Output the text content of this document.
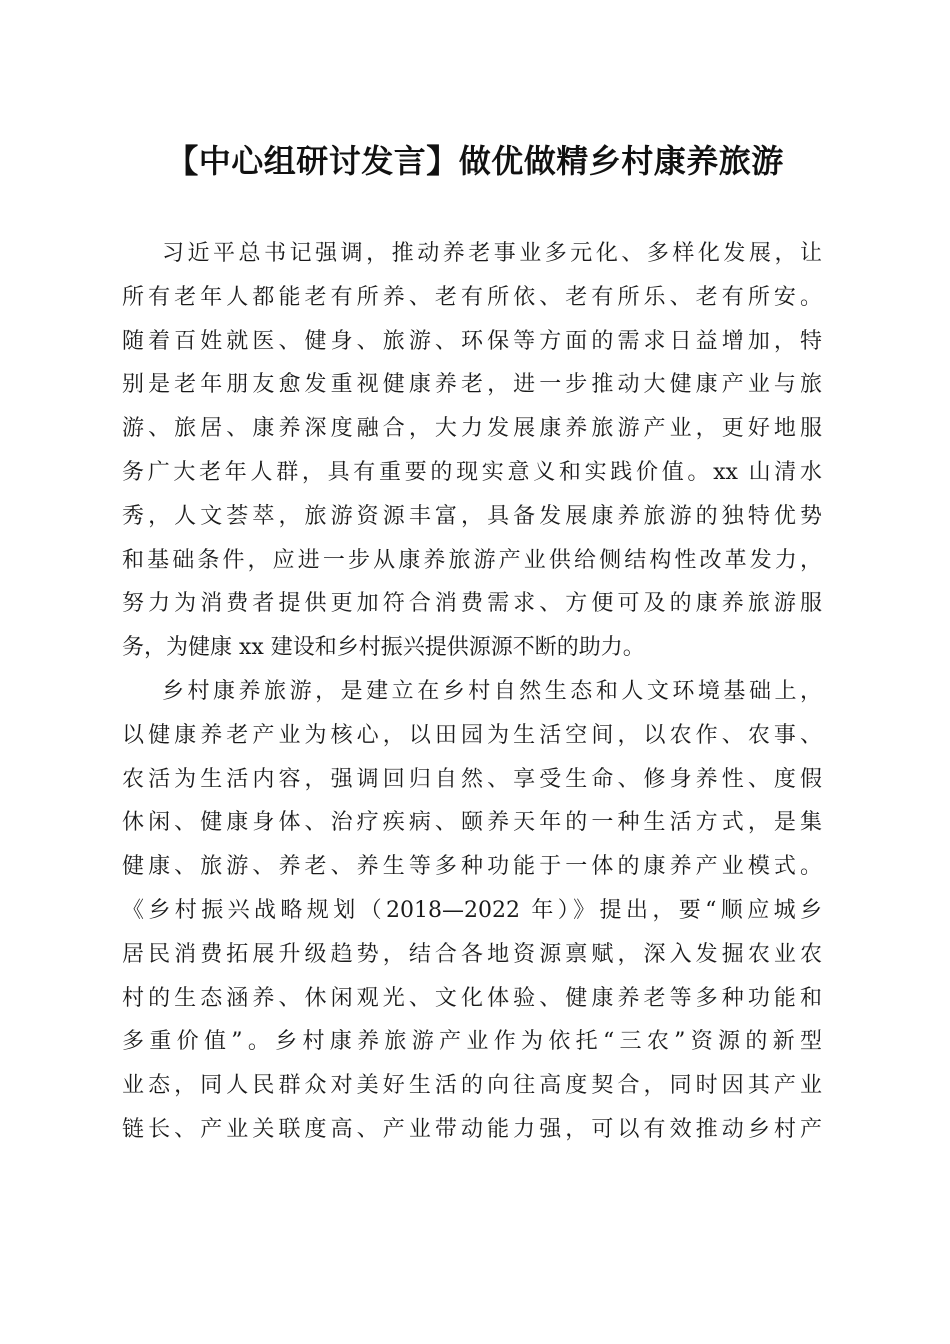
【中心组研讨发言】做优做精乡村康养旅游
习近平总书记强调，推动养老事业多元化、多样化发展，让
所有老年人都能老有所养、老有所依、老有所乐、老有所安。
随着百姓就医、健身、旅游、环保等方面的需求日益增加，特
别是老年朋友愈发重视健康养老，进一步推动大健康产业与旅
游、旅居、康养深度融合，大力发展康养旅游产业，更好地服
务广大老年人群，具有重要的现实意义和实践价值。xx 山清水
秀，人文荟萃，旅游资源丰富，具备发展康养旅游的独特优势
和基础条件，应进一步从康养旅游产业供给侧结构性改革发力，
努力为消费者提供更加符合消费需求、方便可及的康养旅游服
务，为健康 xx 建设和乡村振兴提供源源不断的助力。
乡村康养旅游，是建立在乡村自然生态和人文环境基础上，
以健康养老产业为核心，以田园为生活空间，以农作、农事、
农活为生活内容，强调回归自然、享受生命、修身养性、度假
休闲、健康身体、治疗疾病、颐养天年的一种生活方式，是集
健康、旅游、养老、养生等多种功能于一体的康养产业模式。
《乡村振兴战略规划（2018—2022 年）》提出，要“顺应城乡
居民消费拓展升级趋势，结合各地资源禀赋，深入发掘农业农
村的生态涵养、休闲观光、文化体验、健康养老等多种功能和
多重价值”。乡村康养旅游产业作为依托“三农”资源的新型
业态，同人民群众对美好生活的向往高度契合，同时因其产业
链长、产业关联度高、产业带动能力强，可以有效推动乡村产
